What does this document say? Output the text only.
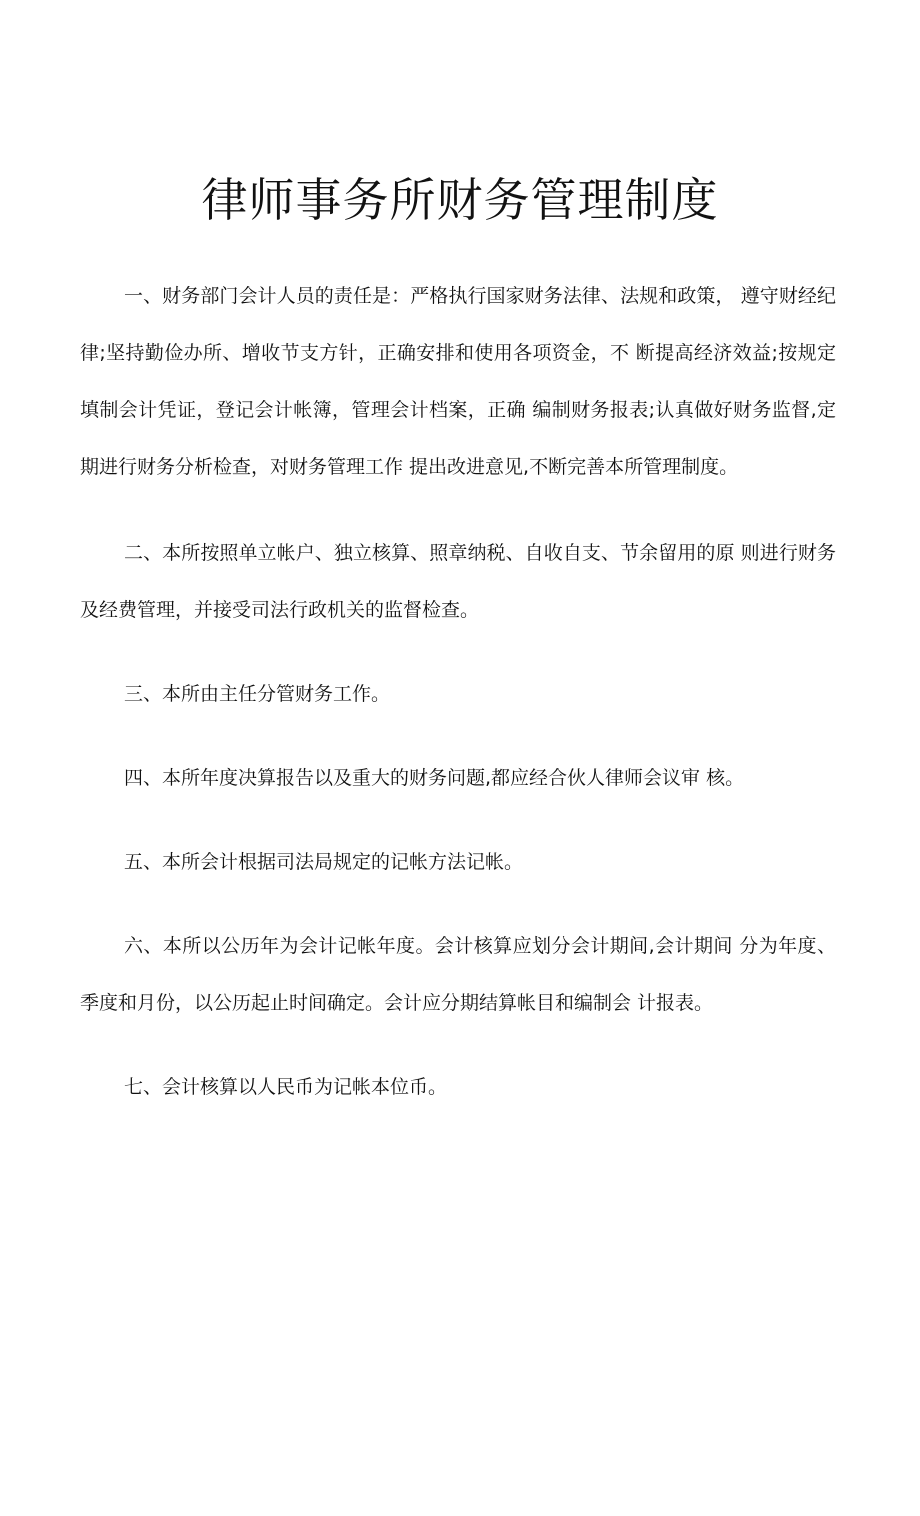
律师事务所财务管理制度

一、财务部门会计人员的责任是：严格执行国家财务法律、法规和政策， 遵守财经纪律;坚持勤俭办所、增收节支方针，正确安排和使用各项资金，不 断提高经济效益;按规定填制会计凭证，登记会计帐簿，管理会计档案，正确 编制财务报表;认真做好财务监督,定期进行财务分析检查，对财务管理工作 提出改进意见,不断完善本所管理制度。

二、本所按照单立帐户、独立核算、照章纳税、自收自支、节余留用的原 则进行财务及经费管理，并接受司法行政机关的监督检查。

三、本所由主任分管财务工作。

四、本所年度决算报告以及重大的财务问题,都应经合伙人律师会议审 核。

五、本所会计根据司法局规定的记帐方法记帐。

六、本所以公历年为会计记帐年度。会计核算应划分会计期间,会计期间 分为年度、季度和月份，以公历起止时间确定。会计应分期结算帐目和编制会 计报表。

七、会计核算以人民币为记帐本位币。
